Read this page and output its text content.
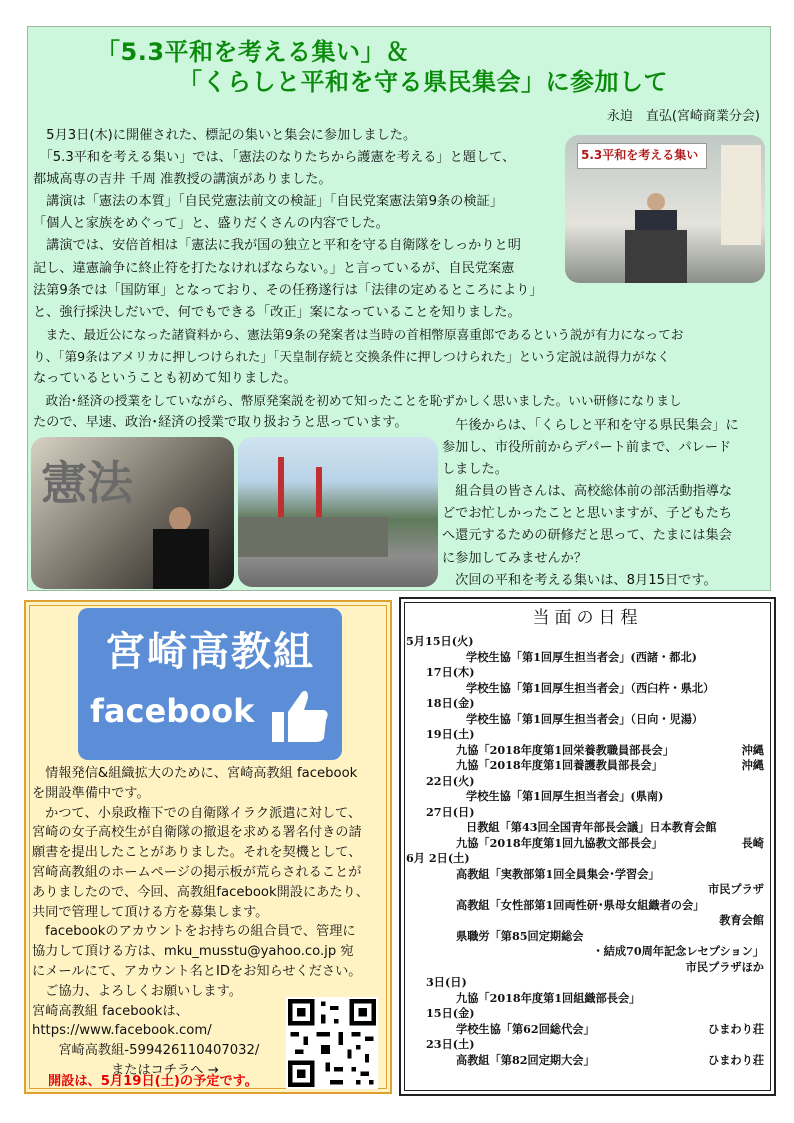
「5.3平和を考える集い」＆
「くらしと平和を守る県民集会」に参加して
永迫　直弘(宮崎商業分会)
　5月3日(木)に開催された、標記の集いと集会に参加しました。
　「5.3平和を考える集い」では、「憲法のなりたちから護憲を考える」と題して、
都城高専の吉井 千周 准教授の講演がありました。
　講演は「憲法の本質」「自民党憲法前文の検証」「自民党案憲法第9条の検証」
「個人と家族をめぐって」と、盛りだくさんの内容でした。
　講演では、安倍首相は「憲法に我が国の独立と平和を守る自衛隊をしっかりと明
記し、違憲論争に終止符を打たなければならない。」と言っているが、自民党案憲
法第9条では「国防軍」となっており、その任務遂行は「法律の定めるところにより」
と、強行採決しだいで、何でもできる「改正」案になっていることを知りました。
　また、最近公になった諸資料から、憲法第9条の発案者は当時の首相幣原喜重郎であるという説が有力になってお
り、「第9条はアメリカに押しつけられた」「天皇制存続と交換条件に押しつけられた」という定説は説得力がなく
なっているということも初めて知りました。
　政治･経済の授業をしていながら、幣原発案説を初めて知ったことを恥ずかしく思いました。いい研修になりまし
たので、早速、政治･経済の授業で取り扱おうと思っています。
5.3平和を考える集い
憲法
　午後からは、「くらしと平和を守る県民集会」に
参加し、市役所前からデパート前まで、パレード
しました。
　組合員の皆さんは、高校総体前の部活動指導な
どでお忙しかったことと思いますが、子どもたち
へ還元するための研修だと思って、たまには集会
に参加してみませんか？
　次回の平和を考える集いは、8月15日です。
宮崎高教組
facebook
　情報発信&組織拡大のために、宮崎高教組 facebook
を開設準備中です。
　かつて、小泉政権下での自衛隊イラク派遣に対して、
宮崎の女子高校生が自衛隊の撤退を求める署名付きの請
願書を提出したことがありました。それを契機として、
宮崎高教組のホームページの掲示板が荒らされることが
ありましたので、今回、高教組facebook開設にあたり、
共同で管理して頂ける方を募集します。
　facebookのアカウントをお持ちの組合員で、管理に
協力して頂ける方は、mku_musstu@yahoo.co.jp 宛
にメールにて、アカウント名とIDをお知らせください。
　ご協力、よろしくお願いします。
宮崎高教組 facebookは、
https://www.facebook.com/
　　宮崎高教組-599426110407032/
　　　　　　またはコチラへ →
開設は、5月19日(土)の予定です。
当面の日程
5月15日(火)
学校生協「第1回厚生担当者会」(西諸・都北)
17日(木)
学校生協「第1回厚生担当者会」（西臼杵・県北）
18日(金)
学校生協「第1回厚生担当者会」（日向・児湯）
19日(土)
九協「2018年度第1回栄養教職員部長会」	沖縄
九協「2018年度第1回養護教員部長会」	沖縄
22日(火)
学校生協「第1回厚生担当者会」(県南)
27日(日)
日教組「第43回全国青年部長会議」日本教育会館
九協「2018年度第1回九協教文部長会」	長崎
6月 2日(土)
高教組「実教部第1回全員集会･学習会」
市民プラザ
高教組「女性部第1回両性研･県母女組織者の会」
教育会館
県職労「第85回定期総会
・結成70周年記念レセプション」
市民プラザほか
3日(日)
九協「2018年度第1回組織部長会」
15日(金)
学校生協「第62回総代会」	ひまわり荘
23日(土)
高教組「第82回定期大会」	ひまわり荘
